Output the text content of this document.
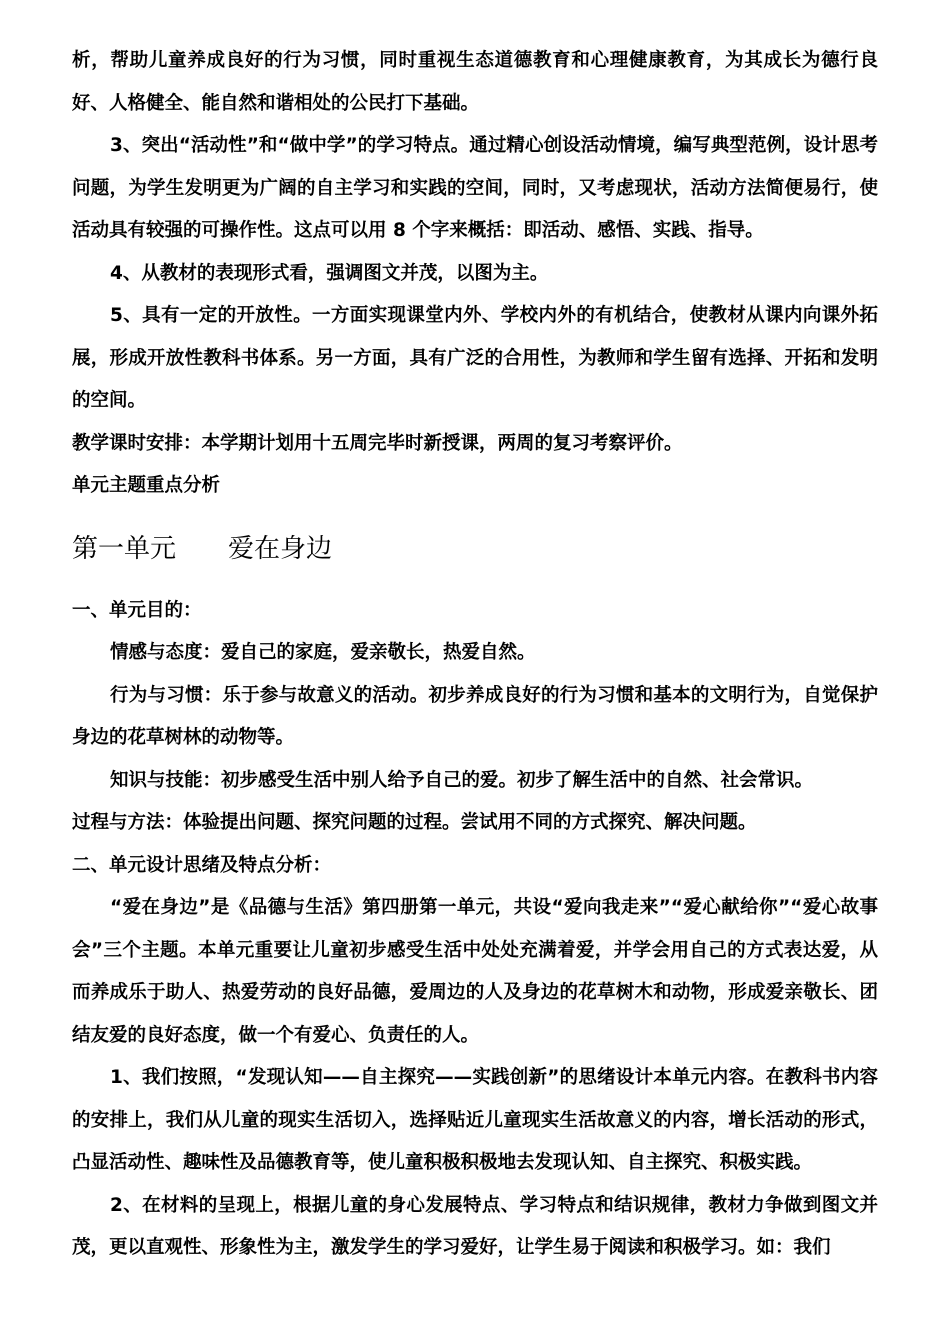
析，帮助儿童养成良好的行为习惯，同时重视生态道德教育和心理健康教育，为其成长为德行良好、人格健全、能自然和谐相处的公民打下基础。

3、突出“活动性”和“做中学”的学习特点。通过精心创设活动情境，编写典型范例，设计思考问题，为学生发明更为广阔的自主学习和实践的空间，同时，又考虑现状，活动方法简便易行，使活动具有较强的可操作性。这点可以用 8 个字来概括：即活动、感悟、实践、指导。

4、从教材的表现形式看，强调图文并茂，以图为主。

5、具有一定的开放性。一方面实现课堂内外、学校内外的有机结合，使教材从课内向课外拓展，形成开放性教科书体系。另一方面，具有广泛的合用性，为教师和学生留有选择、开拓和发明的空间。

教学课时安排：本学期计划用十五周完毕时新授课，两周的复习考察评价。

单元主题重点分析

第一单元 爱在身边

一、单元目的：

情感与态度：爱自己的家庭，爱亲敬长，热爱自然。

行为与习惯：乐于参与故意义的活动。初步养成良好的行为习惯和基本的文明行为，自觉保护身边的花草树林的动物等。

知识与技能：初步感受生活中别人给予自己的爱。初步了解生活中的自然、社会常识。

过程与方法：体验提出问题、探究问题的过程。尝试用不同的方式探究、解决问题。

二、单元设计思绪及特点分析：

“爱在身边”是《品德与生活》第四册第一单元，共设“爱向我走来”“爱心献给你”“爱心故事会”三个主题。本单元重要让儿童初步感受生活中处处充满着爱，并学会用自己的方式表达爱，从而养成乐于助人、热爱劳动的良好品德，爱周边的人及身边的花草树木和动物，形成爱亲敬长、团结友爱的良好态度，做一个有爱心、负责任的人。

1、我们按照，“发现认知——自主探究——实践创新”的思绪设计本单元内容。在教科书内容的安排上，我们从儿童的现实生活切入，选择贴近儿童现实生活故意义的内容，增长活动的形式，凸显活动性、趣味性及品德教育等，使儿童积极积极地去发现认知、自主探究、积极实践。

2、在材料的呈现上，根据儿童的身心发展特点、学习特点和结识规律，教材力争做到图文并茂，更以直观性、形象性为主，激发学生的学习爱好，让学生易于阅读和积极学习。如：我们
